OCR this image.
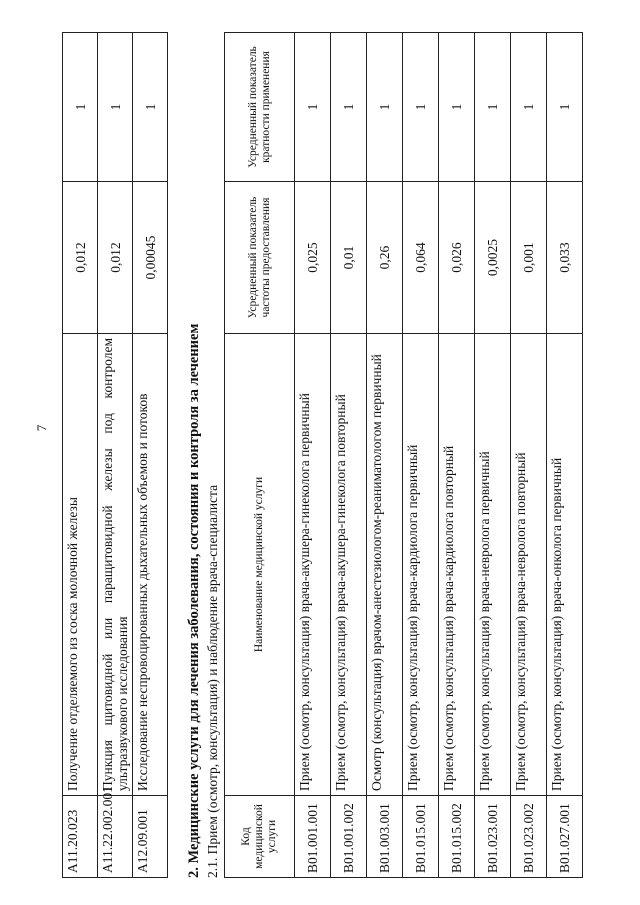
7
A11.20.023	Получение отделяемого из соска молочной железы	0,012	1
A11.22.002.001	Пункция щитовидной или паращитовидной железы под контролем ультразвукового исследования	0,012	1
A12.09.001	Исследование неспровоцированных дыхательных объемов и потоков	0,00045	1
2. Медицинские услуги для лечения заболевания, состояния и контроля за лечением 2.1. Прием (осмотр, консультация) и наблюдение врача-специалиста Код медицинской услуги	Наименование медицинской услуги	Усредненный показатель частоты предоставления	Усредненный показатель кратности применения
B01.001.001	Прием (осмотр, консультация) врача-акушера-гинеколога первичный	0,025	1
B01.001.002	Прием (осмотр, консультация) врача-акушера-гинеколога повторный	0,01	1
B01.003.001	Осмотр (консультация) врачом-анестезиологом-реаниматологом первичный	0,26	1
B01.015.001	Прием (осмотр, консультация) врача-кардиолога первичный	0,064	1
B01.015.002	Прием (осмотр, консультация) врача-кардиолога повторный	0,026	1
B01.023.001	Прием (осмотр, консультация) врача-невролога первичный	0,0025	1
B01.023.002	Прием (осмотр, консультация) врача-невролога повторный	0,001	1
B01.027.001	Прием (осмотр, консультация) врача-онколога первичный	0,033	1
